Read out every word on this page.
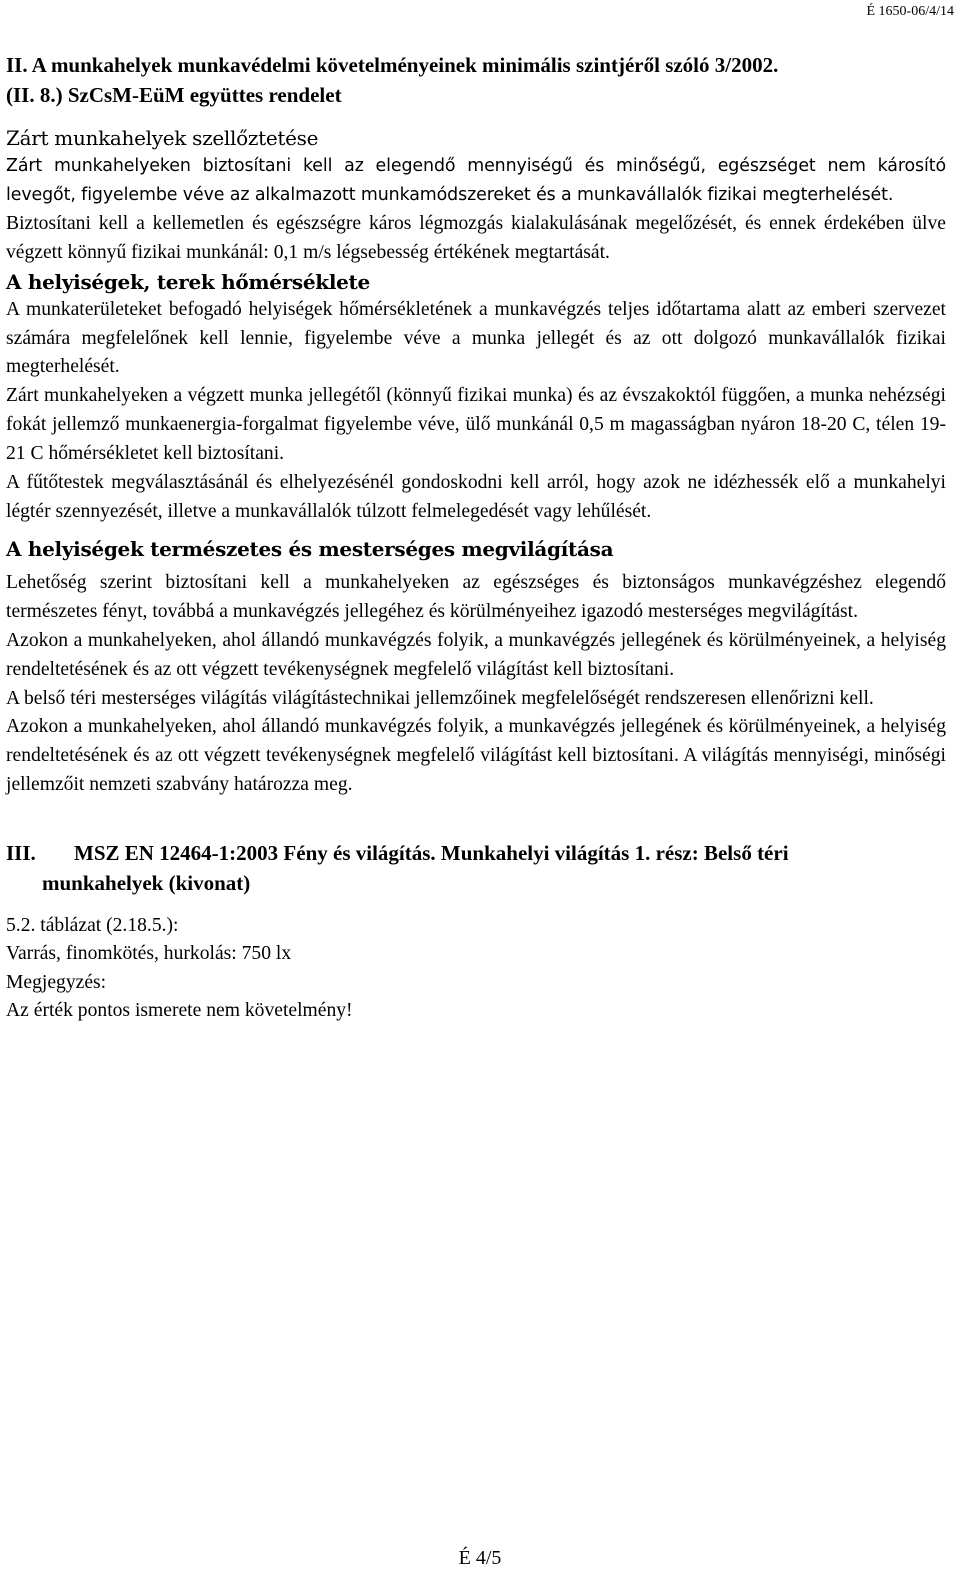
É 1650-06/4/14
II. A munkahelyek munkavédelmi követelményeinek minimális szintjéről szóló 3/2002.
(II. 8.) SzCsM-EüM együttes rendelet
Zárt munkahelyek szellőztetése

Zárt munkahelyeken biztosítani kell az elegendő mennyiségű és minőségű, egészséget nem károsító levegőt, figyelembe véve az alkalmazott munkamódszereket és a munkavállalók fizikai megterhelését.

Biztosítani kell a kellemetlen és egészségre káros légmozgás kialakulásának megelőzését, és ennek érdekében ülve végzett könnyű fizikai munkánál: 0,1 m/s légsebesség értékének megtartását.

A helyiségek, terek hőmérséklete

A munkaterületeket befogadó helyiségek hőmérsékletének a munkavégzés teljes időtartama alatt az emberi szervezet számára megfelelőnek kell lennie, figyelembe véve a munka jellegét és az ott dolgozó munkavállalók fizikai megterhelését.

Zárt munkahelyeken a végzett munka jellegétől (könnyű fizikai munka) és az évszakoktól függően, a munka nehézségi fokát jellemző munkaenergia-forgalmat figyelembe véve, ülő munkánál 0,5 m magasságban nyáron 18-20 C, télen 19-21 C hőmérsékletet kell biztosítani.

A fűtőtestek megválasztásánál és elhelyezésénél gondoskodni kell arról, hogy azok ne idézhessék elő a munkahelyi légtér szennyezését, illetve a munkavállalók túlzott felmelegedését vagy lehűlését.

A helyiségek természetes és mesterséges megvilágítása

Lehetőség szerint biztosítani kell a munkahelyeken az egészséges és biztonságos munkavégzéshez elegendő természetes fényt, továbbá a munkavégzés jellegéhez és körülményeihez igazodó mesterséges megvilágítást.

Azokon a munkahelyeken, ahol állandó munkavégzés folyik, a munkavégzés jellegének és körülményeinek, a helyiség rendeltetésének és az ott végzett tevékenységnek megfelelő világítást kell biztosítani.

A belső téri mesterséges világítás világítástechnikai jellemzőinek megfelelőségét rendszeresen ellenőrizni kell.

Azokon a munkahelyeken, ahol állandó munkavégzés folyik, a munkavégzés jellegének és körülményeinek, a helyiség rendeltetésének és az ott végzett tevékenységnek megfelelő világítást kell biztosítani. A világítás mennyiségi, minőségi jellemzőit nemzeti szabvány határozza meg.

III. MSZ EN 12464-1:2003 Fény és világítás. Munkahelyi világítás 1. rész: Belső téri
munkahelyek (kivonat)

5.2. táblázat (2.18.5.):

Varrás, finomkötés, hurkolás: 750 lx

Megjegyzés:

Az érték pontos ismerete nem követelmény!

É 4/5
